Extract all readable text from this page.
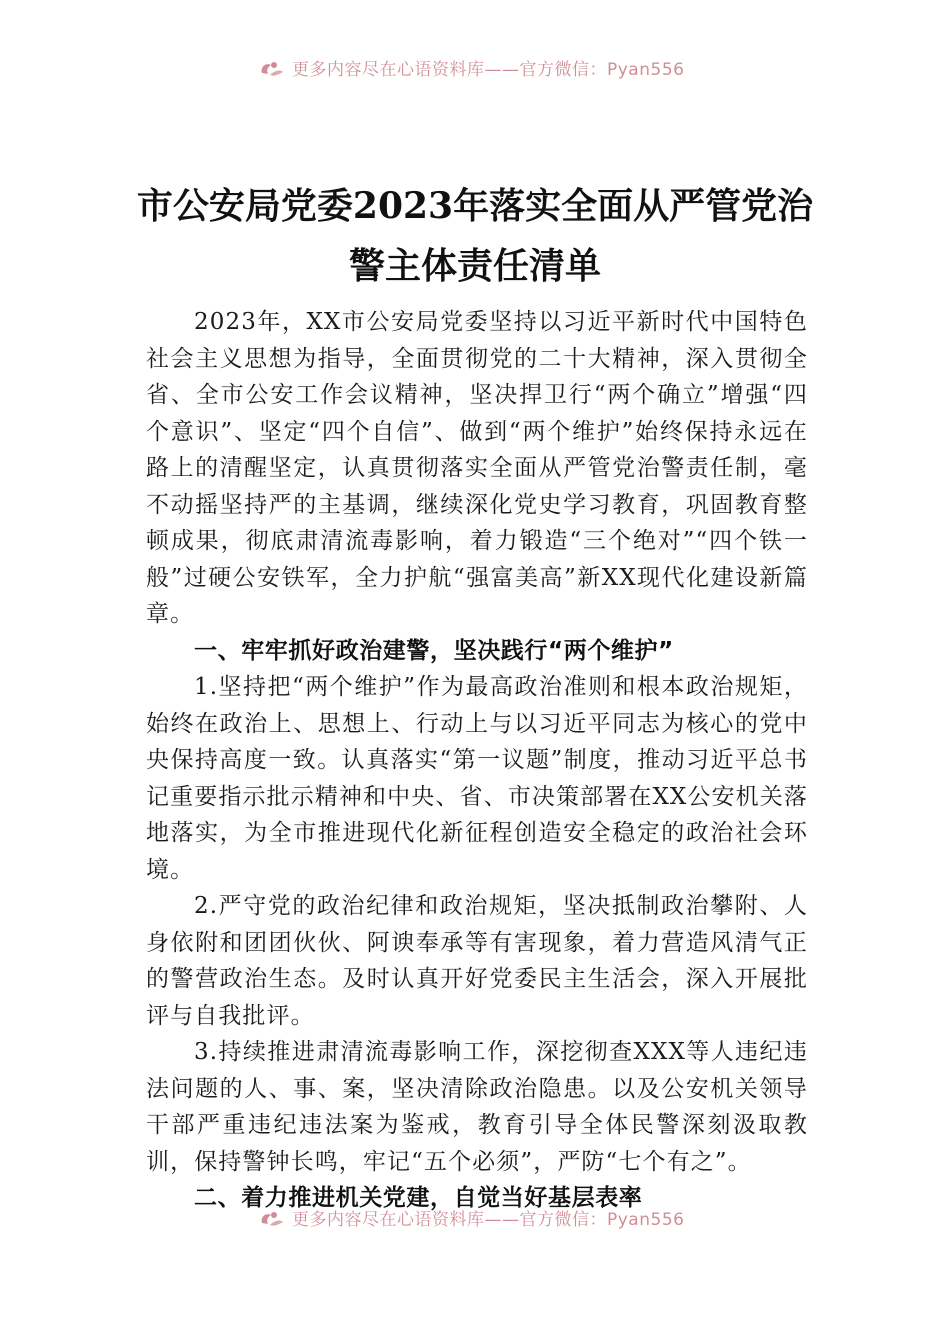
更多内容尽在心语资料库——官方微信：Pyan556
市公安局党委2023年落实全面从严管党治
警主体责任清单

2023年，XX市公安局党委坚持以习近平新时代中国特色社会主义思想为指导，全面贯彻党的二十大精神，深入贯彻全省、全市公安工作会议精神，坚决捍卫行“两个确立”增强“四个意识”、坚定“四个自信”、做到“两个维护”始终保持永远在路上的清醒坚定，认真贯彻落实全面从严管党治警责任制，毫不动摇坚持严的主基调，继续深化党史学习教育，巩固教育整顿成果，彻底肃清流毒影响，着力锻造“三个绝对”“四个铁一般”过硬公安铁军，全力护航“强富美高”新XX现代化建设新篇章。

一、牢牢抓好政治建警，坚决践行“两个维护”

1.坚持把“两个维护”作为最高政治准则和根本政治规矩，始终在政治上、思想上、行动上与以习近平同志为核心的党中央保持高度一致。认真落实“第一议题”制度，推动习近平总书记重要指示批示精神和中央、省、市决策部署在XX公安机关落地落实，为全市推进现代化新征程创造安全稳定的政治社会环境。

2.严守党的政治纪律和政治规矩，坚决抵制政治攀附、人身依附和团团伙伙、阿谀奉承等有害现象，着力营造风清气正的警营政治生态。及时认真开好党委民主生活会，深入开展批评与自我批评。

3.持续推进肃清流毒影响工作，深挖彻查XXX等人违纪违法问题的人、事、案，坚决清除政治隐患。以及公安机关领导干部严重违纪违法案为鉴戒，教育引导全体民警深刻汲取教训，保持警钟长鸣，牢记“五个必须”，严防“七个有之”。

二、着力推进机关党建，自觉当好基层表率

更多内容尽在心语资料库——官方微信：Pyan556
